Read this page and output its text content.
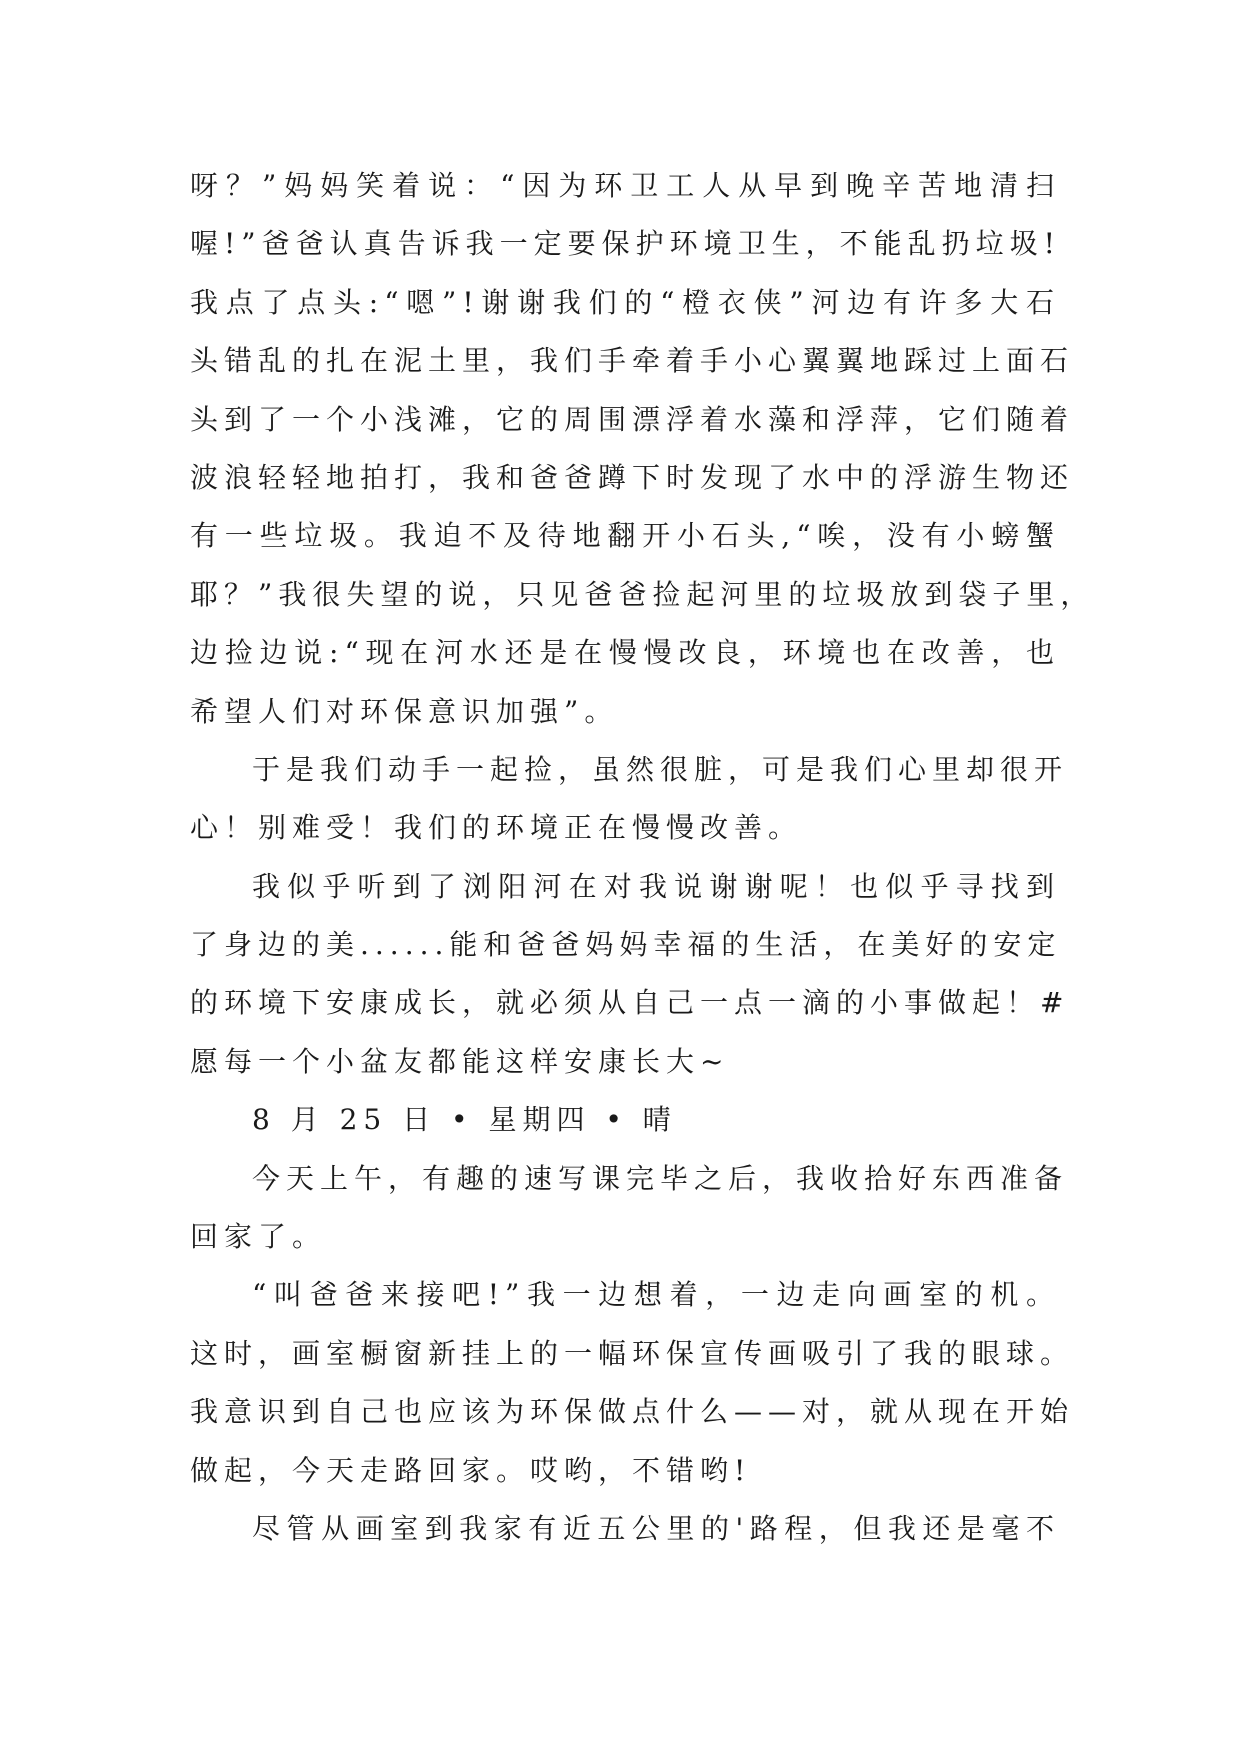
呀？”妈妈笑着说：“因为环卫工人从早到晚辛苦地清扫
喔!”爸爸认真告诉我一定要保护环境卫生，不能乱扔垃圾!
我点了点头:“嗯”!谢谢我们的“橙衣侠”河边有许多大石
头错乱的扎在泥土里，我们手牵着手小心翼翼地踩过上面石
头到了一个小浅滩，它的周围漂浮着水藻和浮萍，它们随着
波浪轻轻地拍打，我和爸爸蹲下时发现了水中的浮游生物还
有一些垃圾。我迫不及待地翻开小石头,“唉，没有小螃蟹
耶？”我很失望的说，只见爸爸捡起河里的垃圾放到袋子里，
边捡边说:“现在河水还是在慢慢改良，环境也在改善，也
希望人们对环保意识加强”。
于是我们动手一起捡，虽然很脏，可是我们心里却很开
心！别难受！我们的环境正在慢慢改善。
我似乎听到了浏阳河在对我说谢谢呢！也似乎寻找到
了身边的美......能和爸爸妈妈幸福的生活，在美好的安定
的环境下安康成长，就必须从自己一点一滴的小事做起！#
愿每一个小盆友都能这样安康长大~
8 月 25 日 • 星期四 • 晴
今天上午，有趣的速写课完毕之后，我收拾好东西准备
回家了。
“叫爸爸来接吧!”我一边想着，一边走向画室的机。
这时，画室橱窗新挂上的一幅环保宣传画吸引了我的眼球。
我意识到自己也应该为环保做点什么——对，就从现在开始
做起，今天走路回家。哎哟，不错哟!
尽管从画室到我家有近五公里的'路程，但我还是毫不
